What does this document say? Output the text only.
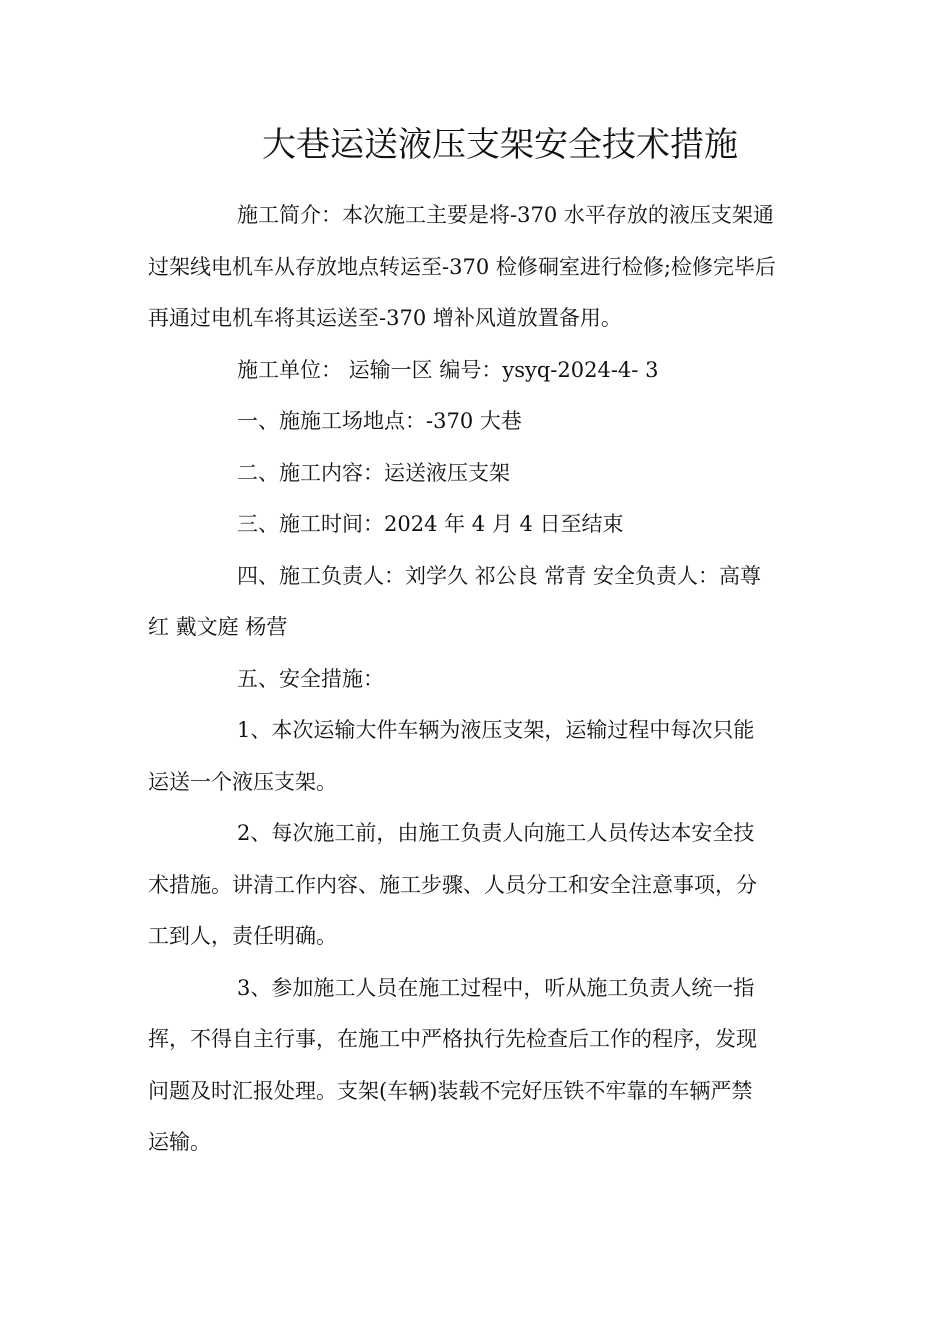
大巷运送液压支架安全技术措施
施工简介：本次施工主要是将-370 水平存放的液压支架通
过架线电机车从存放地点转运至-370 检修硐室进行检修;检修完毕后
再通过电机车将其运送至-370 增补风道放置备用。
施工单位： 运输一区 编号：ysyq-2024-4- 3
一、施施工场地点：-370 大巷
二、施工内容：运送液压支架
三、施工时间：2024 年 4 月 4 日至结束
四、施工负责人：刘学久 祁公良 常青 安全负责人：高尊
红 戴文庭 杨营
五、安全措施：
1、本次运输大件车辆为液压支架，运输过程中每次只能
运送一个液压支架。
2、每次施工前，由施工负责人向施工人员传达本安全技
术措施。讲清工作内容、施工步骤、人员分工和安全注意事项，分
工到人，责任明确。
3、参加施工人员在施工过程中，听从施工负责人统一指
挥，不得自主行事，在施工中严格执行先检查后工作的程序，发现
问题及时汇报处理。支架(车辆)装载不完好压铁不牢靠的车辆严禁
运输。
